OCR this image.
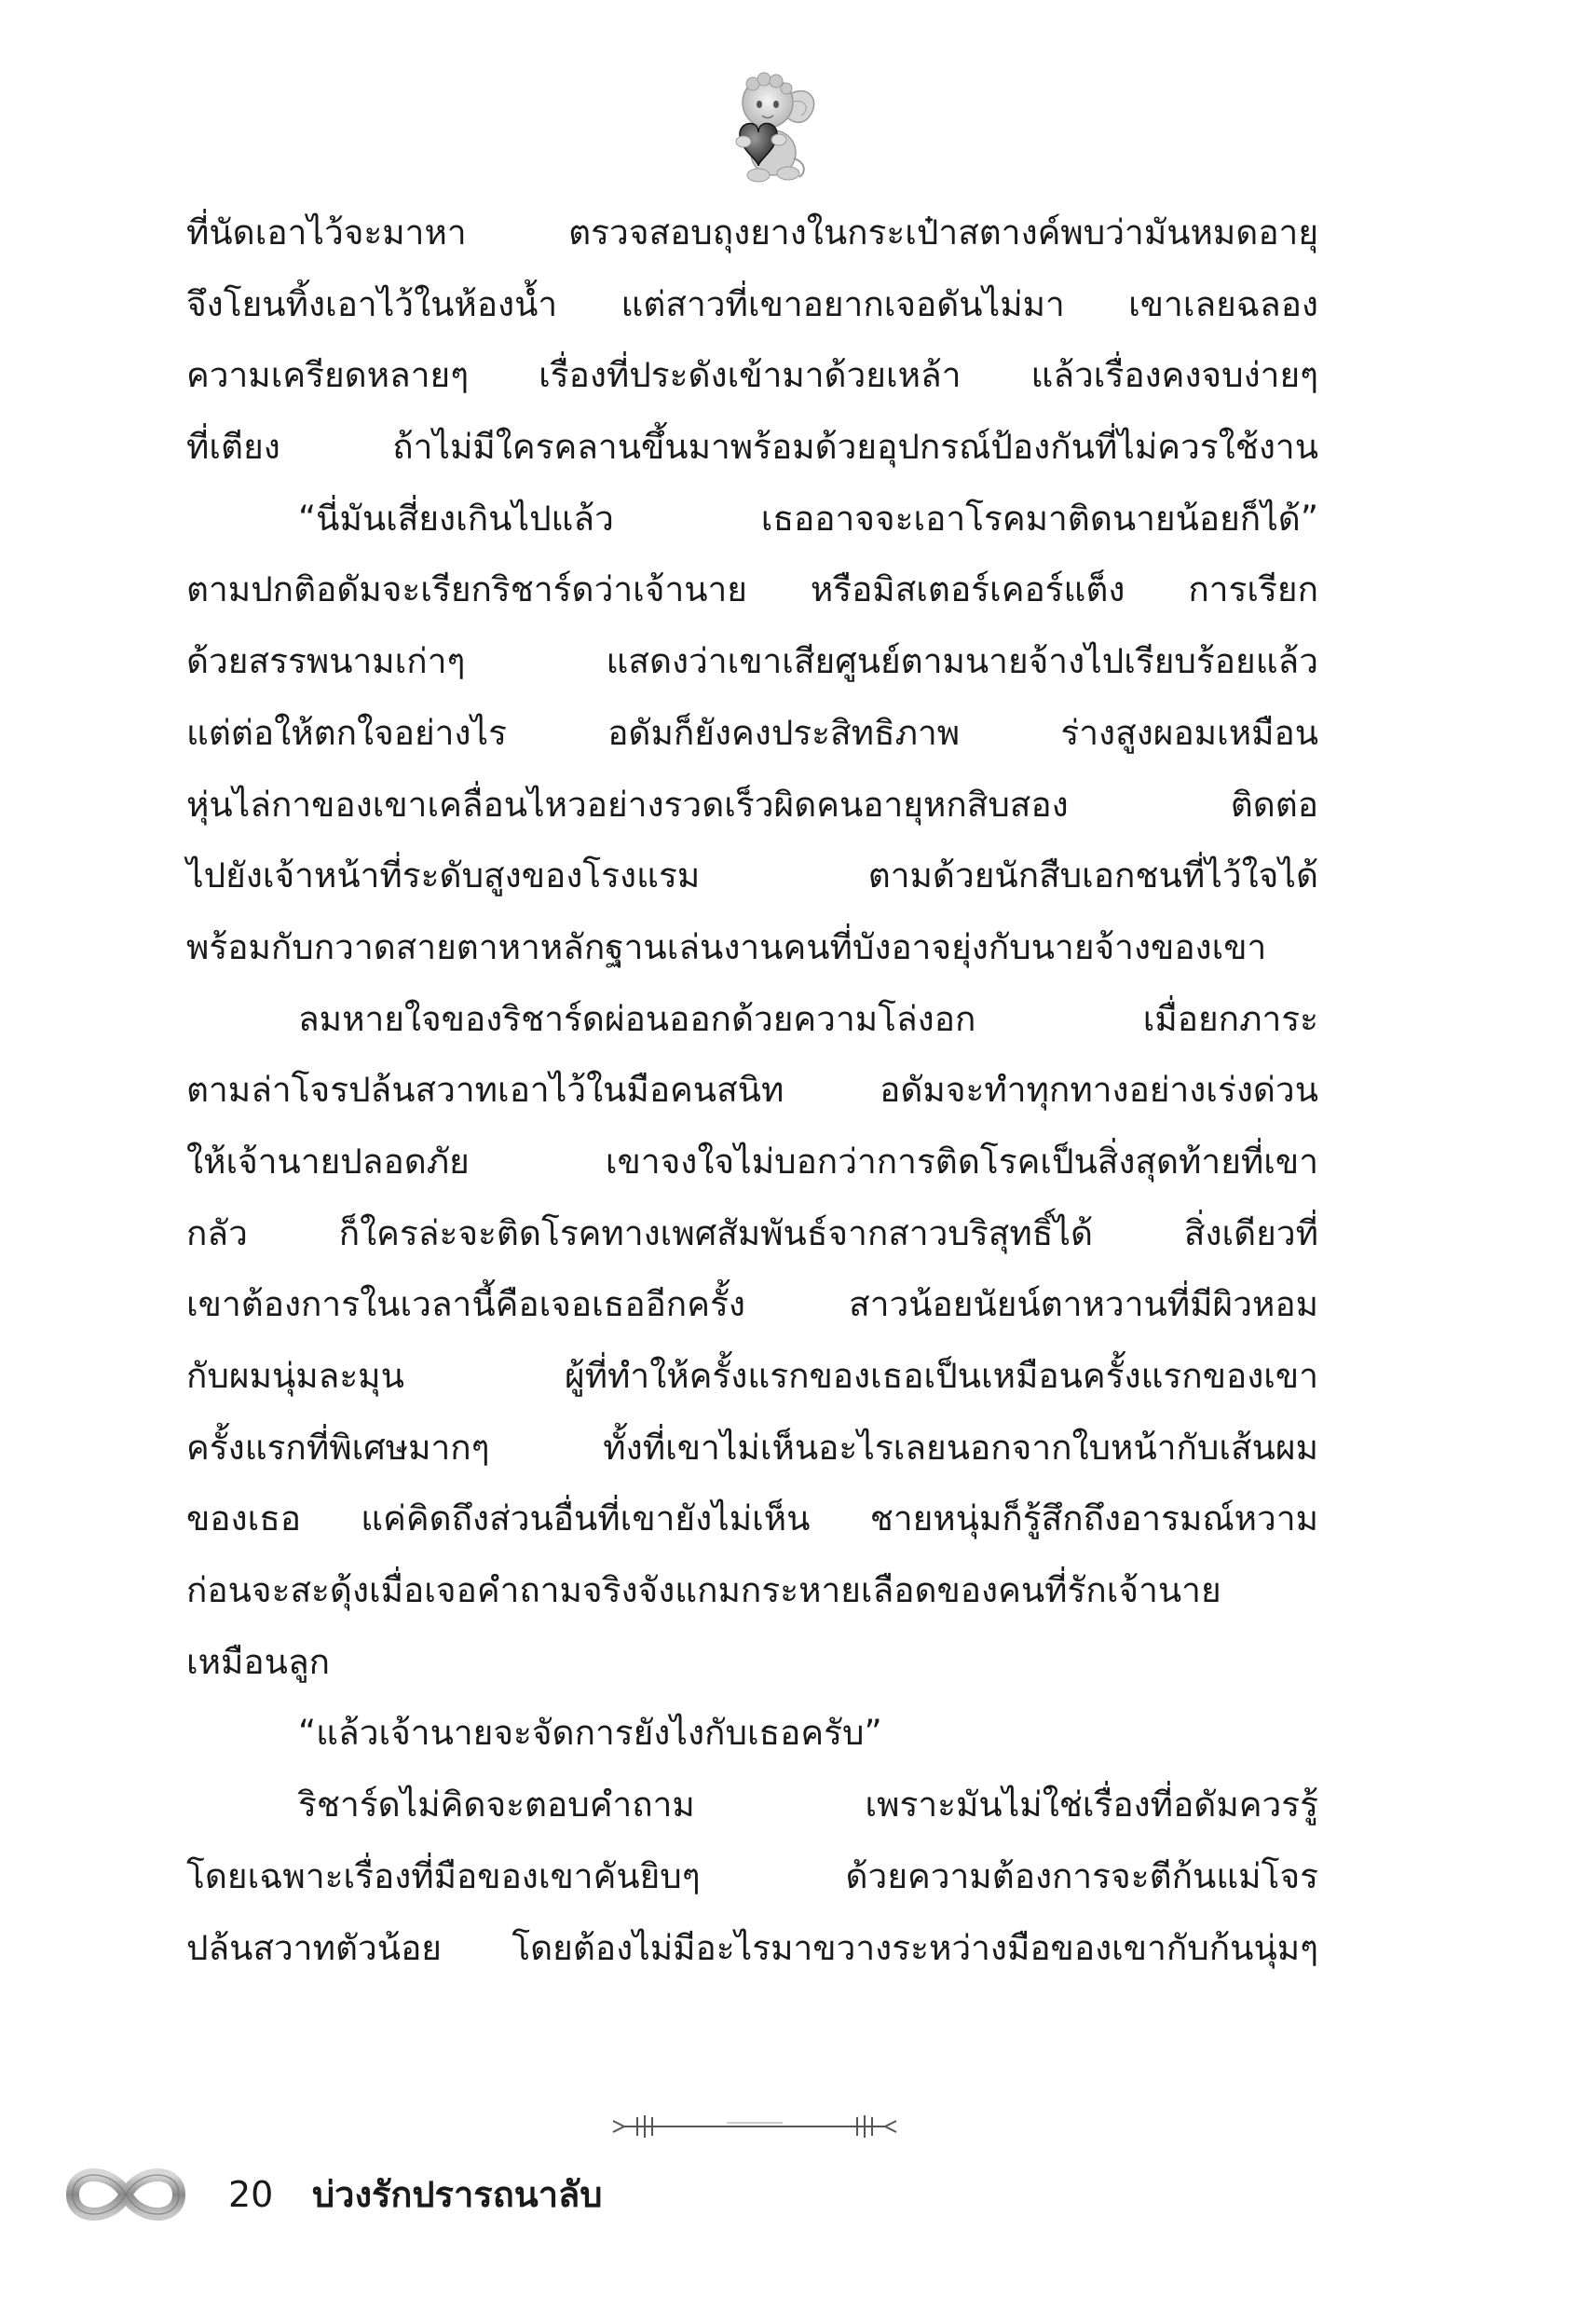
ที่นัดเอาไว้จะมาหา ตรวจสอบถุงยางในกระเป๋าสตางค์พบว่ามันหมดอายุ
จึงโยนทิ้งเอาไว้ในห้องน้ำ แต่สาวที่เขาอยากเจอดันไม่มา เขาเลยฉลอง
ความเครียดหลายๆ เรื่องที่ประดังเข้ามาด้วยเหล้า แล้วเรื่องคงจบง่ายๆ
ที่เตียง ถ้าไม่มีใครคลานขึ้นมาพร้อมด้วยอุปกรณ์ป้องกันที่ไม่ควรใช้งาน
“นี่มันเสี่ยงเกินไปแล้ว เธออาจจะเอาโรคมาติดนายน้อยก็ได้”
ตามปกติอดัมจะเรียกริชาร์ดว่าเจ้านาย หรือมิสเตอร์เคอร์แต็ง การเรียก
ด้วยสรรพนามเก่าๆ แสดงว่าเขาเสียศูนย์ตามนายจ้างไปเรียบร้อยแล้ว
แต่ต่อให้ตกใจอย่างไร อดัมก็ยังคงประสิทธิภาพ ร่างสูงผอมเหมือน
หุ่นไล่กาของเขาเคลื่อนไหวอย่างรวดเร็วผิดคนอายุหกสิบสอง ติดต่อ
ไปยังเจ้าหน้าที่ระดับสูงของโรงแรม ตามด้วยนักสืบเอกชนที่ไว้ใจได้
พร้อมกับกวาดสายตาหาหลักฐานเล่นงานคนที่บังอาจยุ่งกับนายจ้างของเขา
ลมหายใจของริชาร์ดผ่อนออกด้วยความโล่งอก เมื่อยกภาระ
ตามล่าโจรปล้นสวาทเอาไว้ในมือคนสนิท อดัมจะทำทุกทางอย่างเร่งด่วน
ให้เจ้านายปลอดภัย เขาจงใจไม่บอกว่าการติดโรคเป็นสิ่งสุดท้ายที่เขา
กลัว ก็ใครล่ะจะติดโรคทางเพศสัมพันธ์จากสาวบริสุทธิ์ได้ สิ่งเดียวที่
เขาต้องการในเวลานี้คือเจอเธออีกครั้ง สาวน้อยนัยน์ตาหวานที่มีผิวหอม
กับผมนุ่มละมุน ผู้ที่ทำให้ครั้งแรกของเธอเป็นเหมือนครั้งแรกของเขา
ครั้งแรกที่พิเศษมากๆ ทั้งที่เขาไม่เห็นอะไรเลยนอกจากใบหน้ากับเส้นผม
ของเธอ แค่คิดถึงส่วนอื่นที่เขายังไม่เห็น ชายหนุ่มก็รู้สึกถึงอารมณ์หวาม
ก่อนจะสะดุ้งเมื่อเจอคำถามจริงจังแกมกระหายเลือดของคนที่รักเจ้านาย
เหมือนลูก
“แล้วเจ้านายจะจัดการยังไงกับเธอครับ”
ริชาร์ดไม่คิดจะตอบคำถาม เพราะมันไม่ใช่เรื่องที่อดัมควรรู้
โดยเฉพาะเรื่องที่มือของเขาคันยิบๆ ด้วยความต้องการจะตีก้นแม่โจร
ปล้นสวาทตัวน้อย โดยต้องไม่มีอะไรมาขวางระหว่างมือของเขากับก้นนุ่มๆ
20 บ่วงรักปรารถนาลับ
